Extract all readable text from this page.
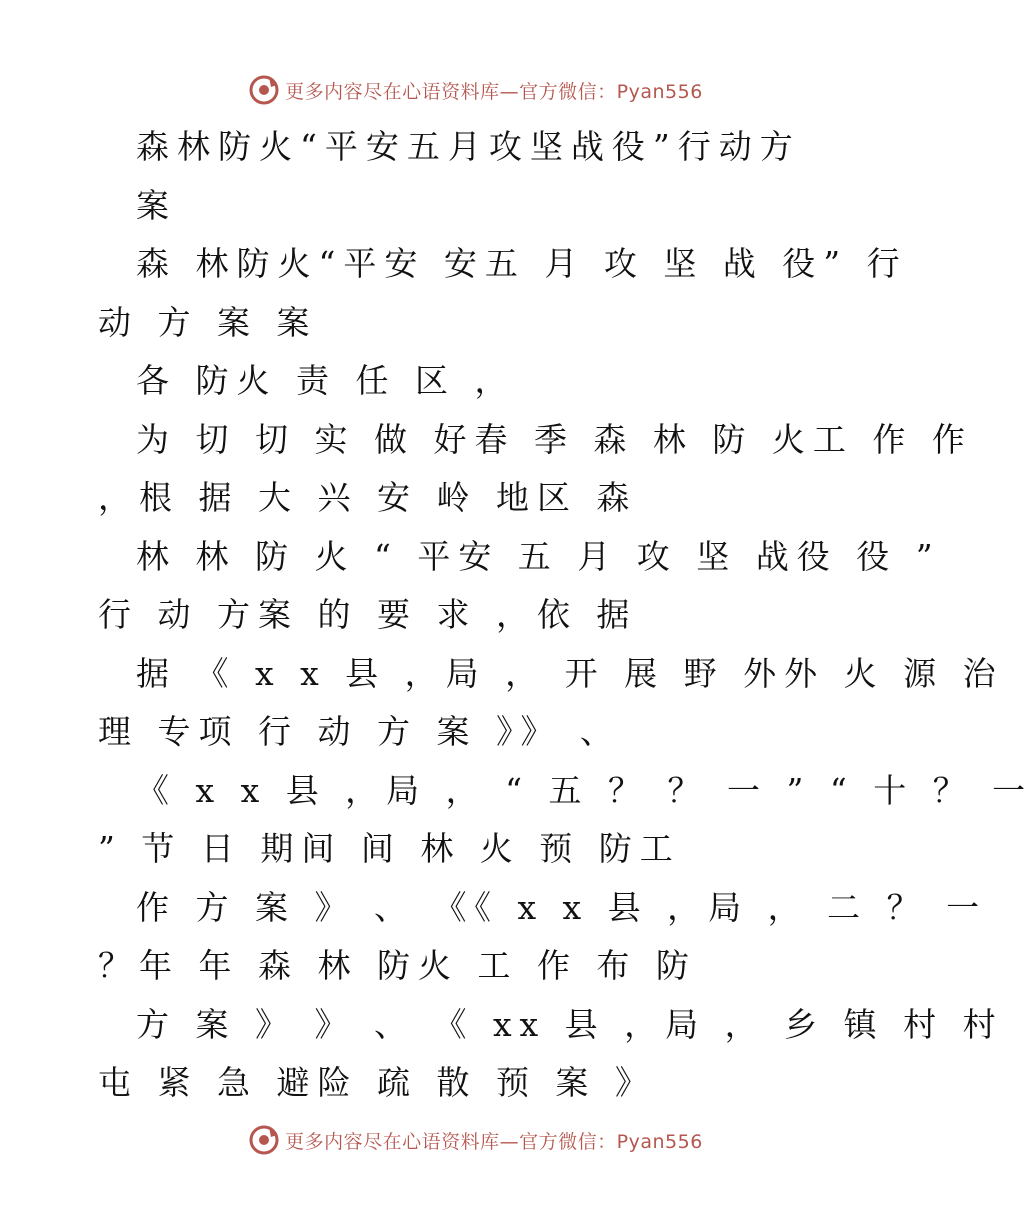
更多内容尽在心语资料库—官方微信：Pyan556
森林防火“平安五月攻坚战役”行动方
案
森 林防火“平安 安五 月 攻 坚 战 役” 行
动 方 案 案
各 防火 责 任 区 ，
为 切 切 实 做 好春 季 森 林 防 火工 作 作
，根 据 大 兴 安 岭 地区 森
林 林 防 火 “ 平安 五 月 攻 坚 战役 役 ”
行 动 方案 的 要 求 ，依 据
据 《 x x 县 ，局 ， 开 展 野 外外 火 源 治
理 专项 行 动 方 案 》》 、
《 x x 县 ，局 ， “ 五 ？ ？ 一 ” “ 十 ？ 一
” 节 日 期间 间 林 火 预 防工
作 方 案 》 、 《《 x x 县 ，局 ， 二 ？ 一
？年 年 森 林 防火 工 作 布 防
方 案 》 》 、 《 xx 县 ，局 ， 乡 镇 村 村
屯 紧 急 避险 疏 散 预 案 》
更多内容尽在心语资料库—官方微信：Pyan556
